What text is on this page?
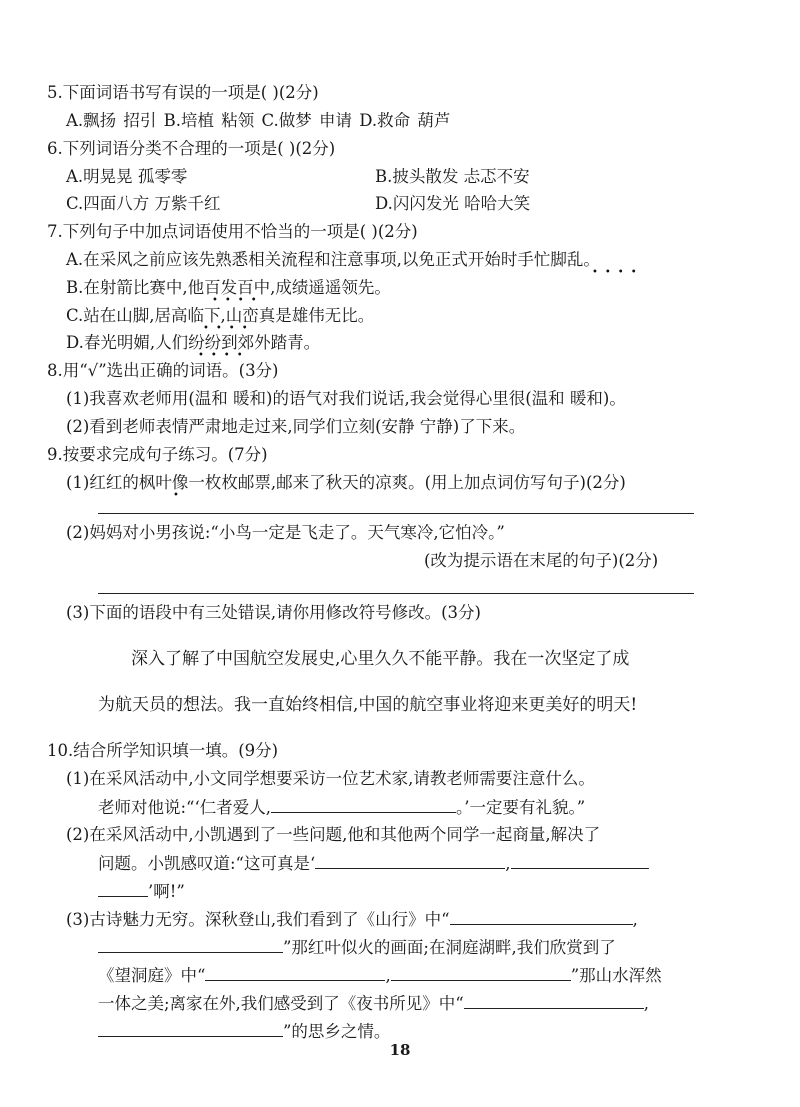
5.下面词语书写有误的一项是( )(2分)
A.飘扬 招引 B.培植 粘领 C.做梦 申请 D.救命 葫芦
6.下列词语分类不合理的一项是( )(2分)
A.明晃晃 孤零零	B.披头散发 忐忑不安
C.四面八方 万紫千红	D.闪闪发光 哈哈大笑
7.下列句子中加点词语使用不恰当的一项是( )(2分)
A.在采风之前应该先熟悉相关流程和注意事项,以免正式开始时手忙脚乱。
••••
B.在射箭比赛中,他百发百中,成绩遥遥领先。
••••
C.站在山脚,居高临下,山峦真是雄伟无比。
••••
D.春光明媚,人们纷纷到郊外踏青。
••••
8.用“√”选出正确的词语。(3分)
(1)我喜欢老师用(温和 暖和)的语气对我们说话,我会觉得心里很(温和 暖和)。
(2)看到老师表情严肃地走过来,同学们立刻(安静 宁静)了下来。
9.按要求完成句子练习。(7分)
(1)红红的枫叶像一枚枚邮票,邮来了秋天的凉爽。(用上加点词仿写句子)(2分)
•
(2)妈妈对小男孩说:“小鸟一定是飞走了。天气寒冷,它怕冷。”
(改为提示语在末尾的句子)(2分)
(3)下面的语段中有三处错误,请你用修改符号修改。(3分)
深入了解了中国航空发展史,心里久久不能平静。我在一次坚定了成
为航天员的想法。我一直始终相信,中国的航空事业将迎来更美好的明天!
10.结合所学知识填一填。(9分)
(1)在采风活动中,小文同学想要采访一位艺术家,请教老师需要注意什么。
老师对他说:“‘仁者爱人,	。’一定要有礼貌。”
(2)在采风活动中,小凯遇到了一些问题,他和其他两个同学一起商量,解决了
问题。小凯感叹道:“这可真是‘	,
’啊!”
(3)古诗魅力无穷。深秋登山,我们看到了《山行》中“	,
”那红叶似火的画面;在洞庭湖畔,我们欣赏到了
《望洞庭》中“	,	”那山水浑然
一体之美;离家在外,我们感受到了《夜书所见》中“	,
”的思乡之情。
18
